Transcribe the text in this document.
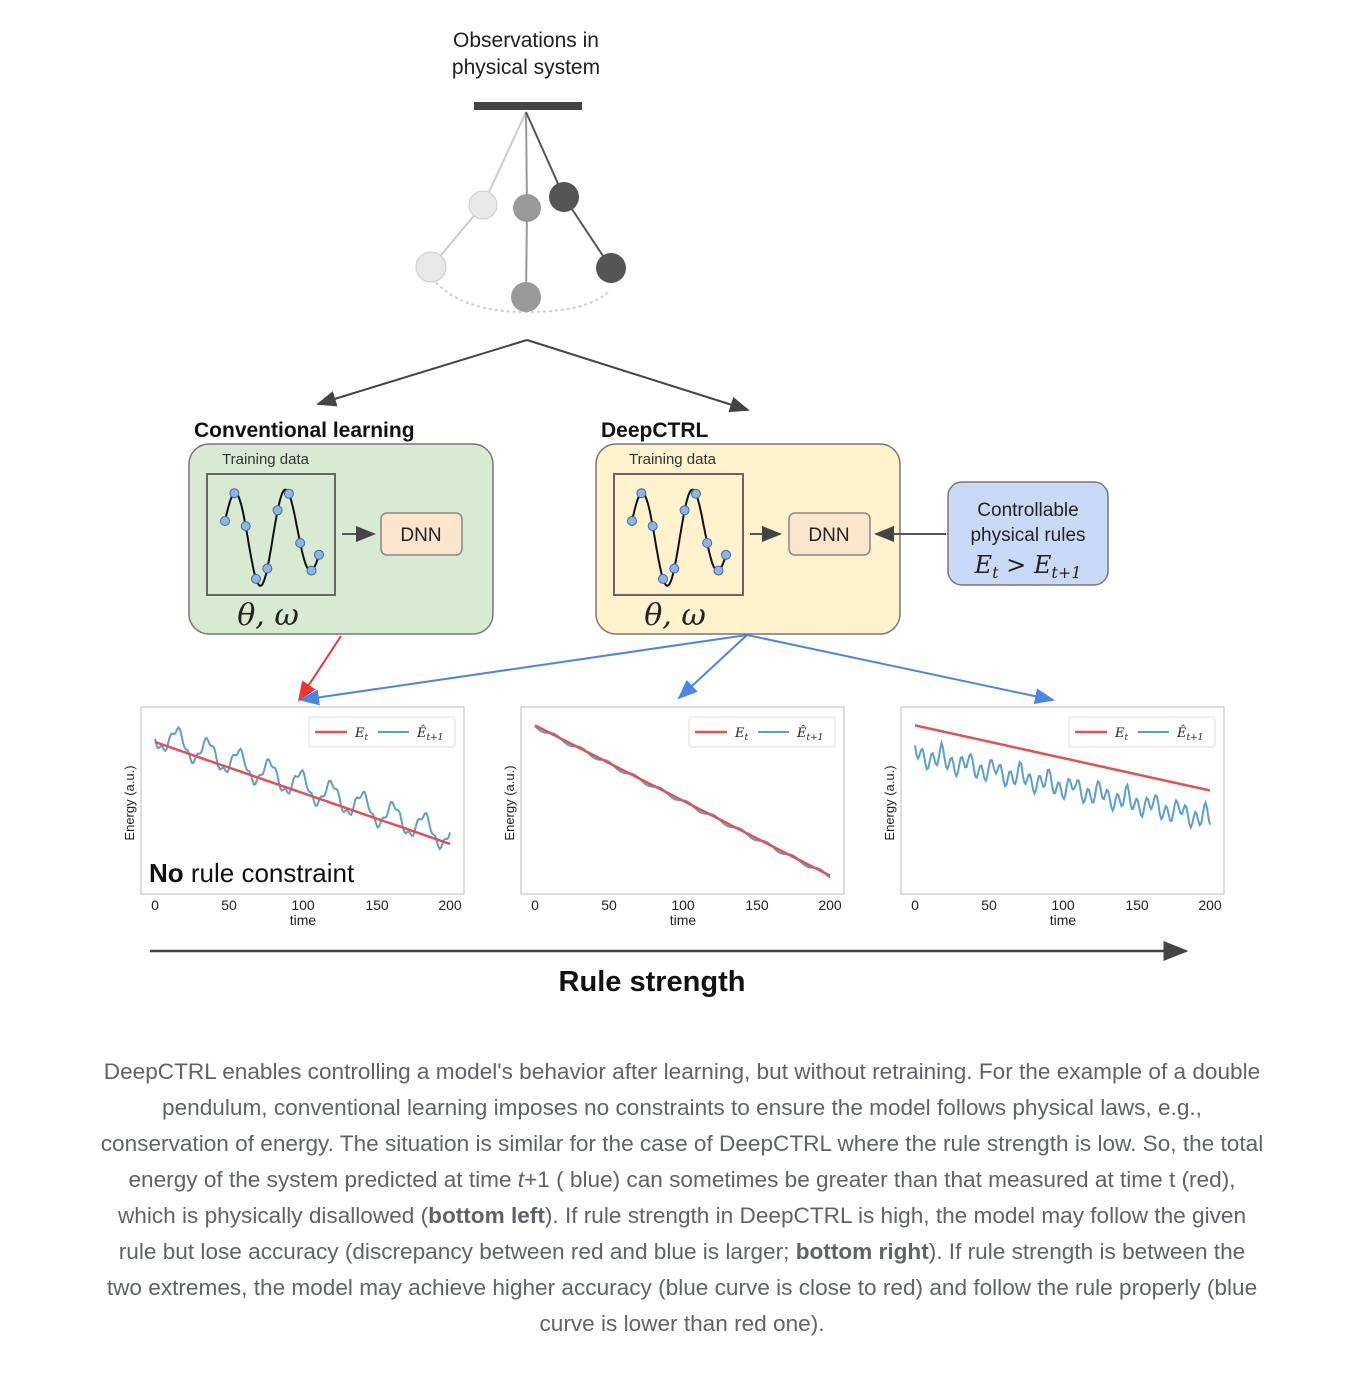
Observations in
physical system
Conventional learning
Training data
DNN
θ, ω
DeepCTRL
Training data
DNN
θ, ω
Controllable
physical rules
$E_t > E_{t+1}$
$E_t$	$Ê_{t+1}$
Energy (a.u.)
0	50	100	150	200
time
No rule constraint
$E_t$	$Ê_{t+1}$
Energy (a.u.)
0	50	100	150	200
time
$E_t$	$Ê_{t+1}$
Energy (a.u.)
0	50	100	150	200
time
Rule strength
DeepCTRL enables controlling a model's behavior after learning, but without retraining. For the example of a double pendulum, conventional learning imposes no constraints to ensure the model follows physical laws, e.g., conservation of energy. The situation is similar for the case of DeepCTRL where the rule strength is low. So, the total energy of the system predicted at time t+1 ( blue) can sometimes be greater than that measured at time t (red), which is physically disallowed (bottom left). If rule strength in DeepCTRL is high, the model may follow the given rule but lose accuracy (discrepancy between red and blue is larger; bottom right). If rule strength is between the two extremes, the model may achieve higher accuracy (blue curve is close to red) and follow the rule properly (blue curve is lower than red one).
